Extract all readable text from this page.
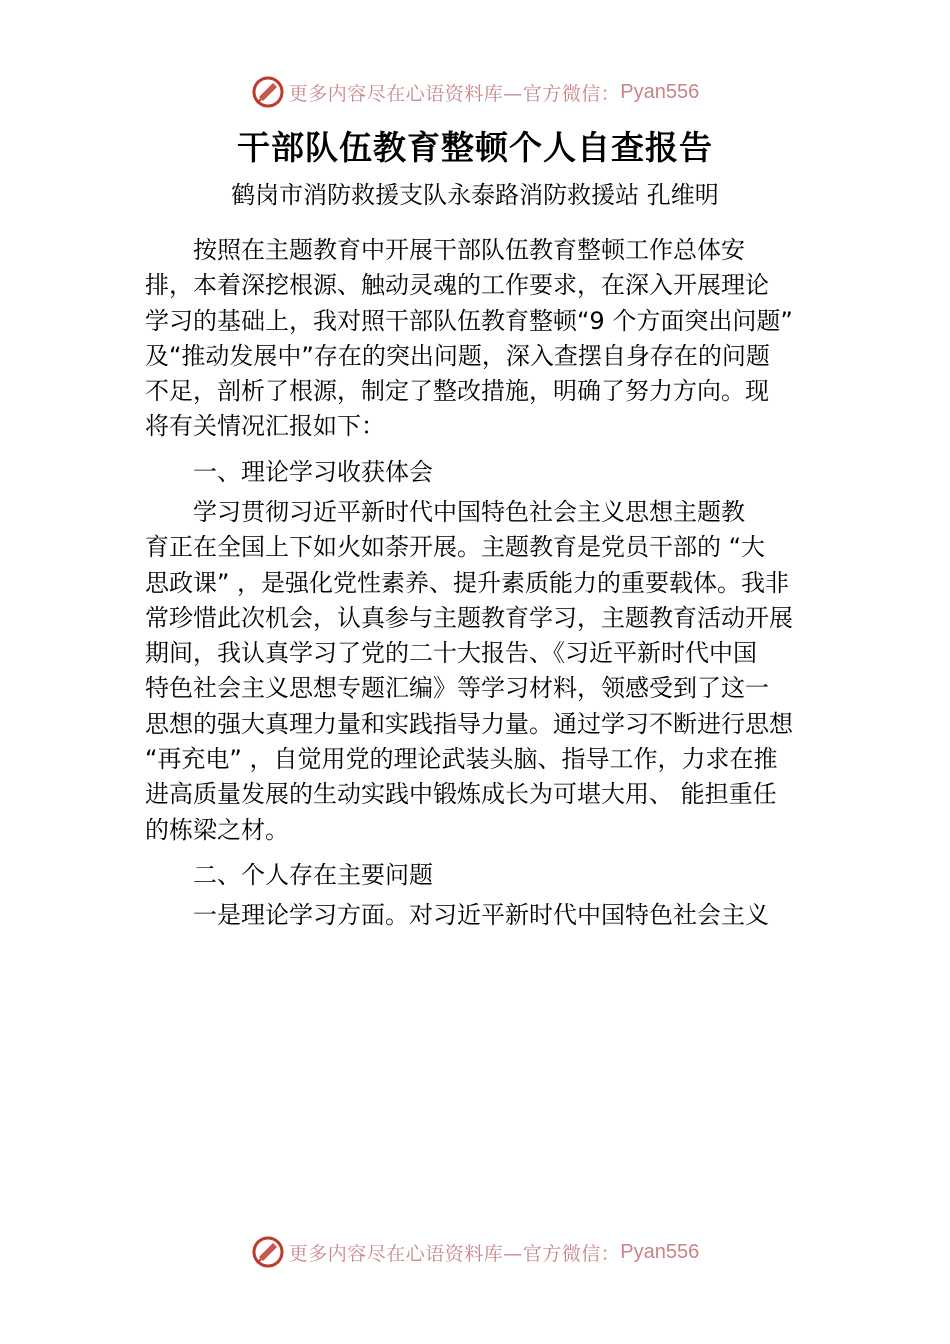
更多内容尽在心语资料库—官方微信： Pyan556
干部队伍教育整顿个人自查报告
鹤岗市消防救援支队永泰路消防救援站 孔维明

按照在主题教育中开展干部队伍教育整顿工作总体安

排，本着深挖根源、触动灵魂的工作要求，在深入开展理论

学习的基础上，我对照干部队伍教育整顿“9 个方面突出问题”

及“推动发展中”存在的突出问题，深入查摆自身存在的问题

不足，剖析了根源，制定了整改措施，明确了努力方向。现

将有关情况汇报如下：

一、理论学习收获体会

学习贯彻习近平新时代中国特色社会主义思想主题教

育正在全国上下如火如荼开展。主题教育是党员干部的 “大

思政课” ，是强化党性素养、提升素质能力的重要载体。我非

常珍惜此次机会，认真参与主题教育学习，主题教育活动开展

期间，我认真学习了党的二十大报告、《习近平新时代中国

特色社会主义思想专题汇编》等学习材料，领感受到了这一

思想的强大真理力量和实践指导力量。通过学习不断进行思想

“再充电” ，自觉用党的理论武装头脑、指导工作，力求在推

进高质量发展的生动实践中锻炼成长为可堪大用、 能担重任

的栋梁之材。

二、个人存在主要问题

一是理论学习方面。对习近平新时代中国特色社会主义

更多内容尽在心语资料库—官方微信： Pyan556
